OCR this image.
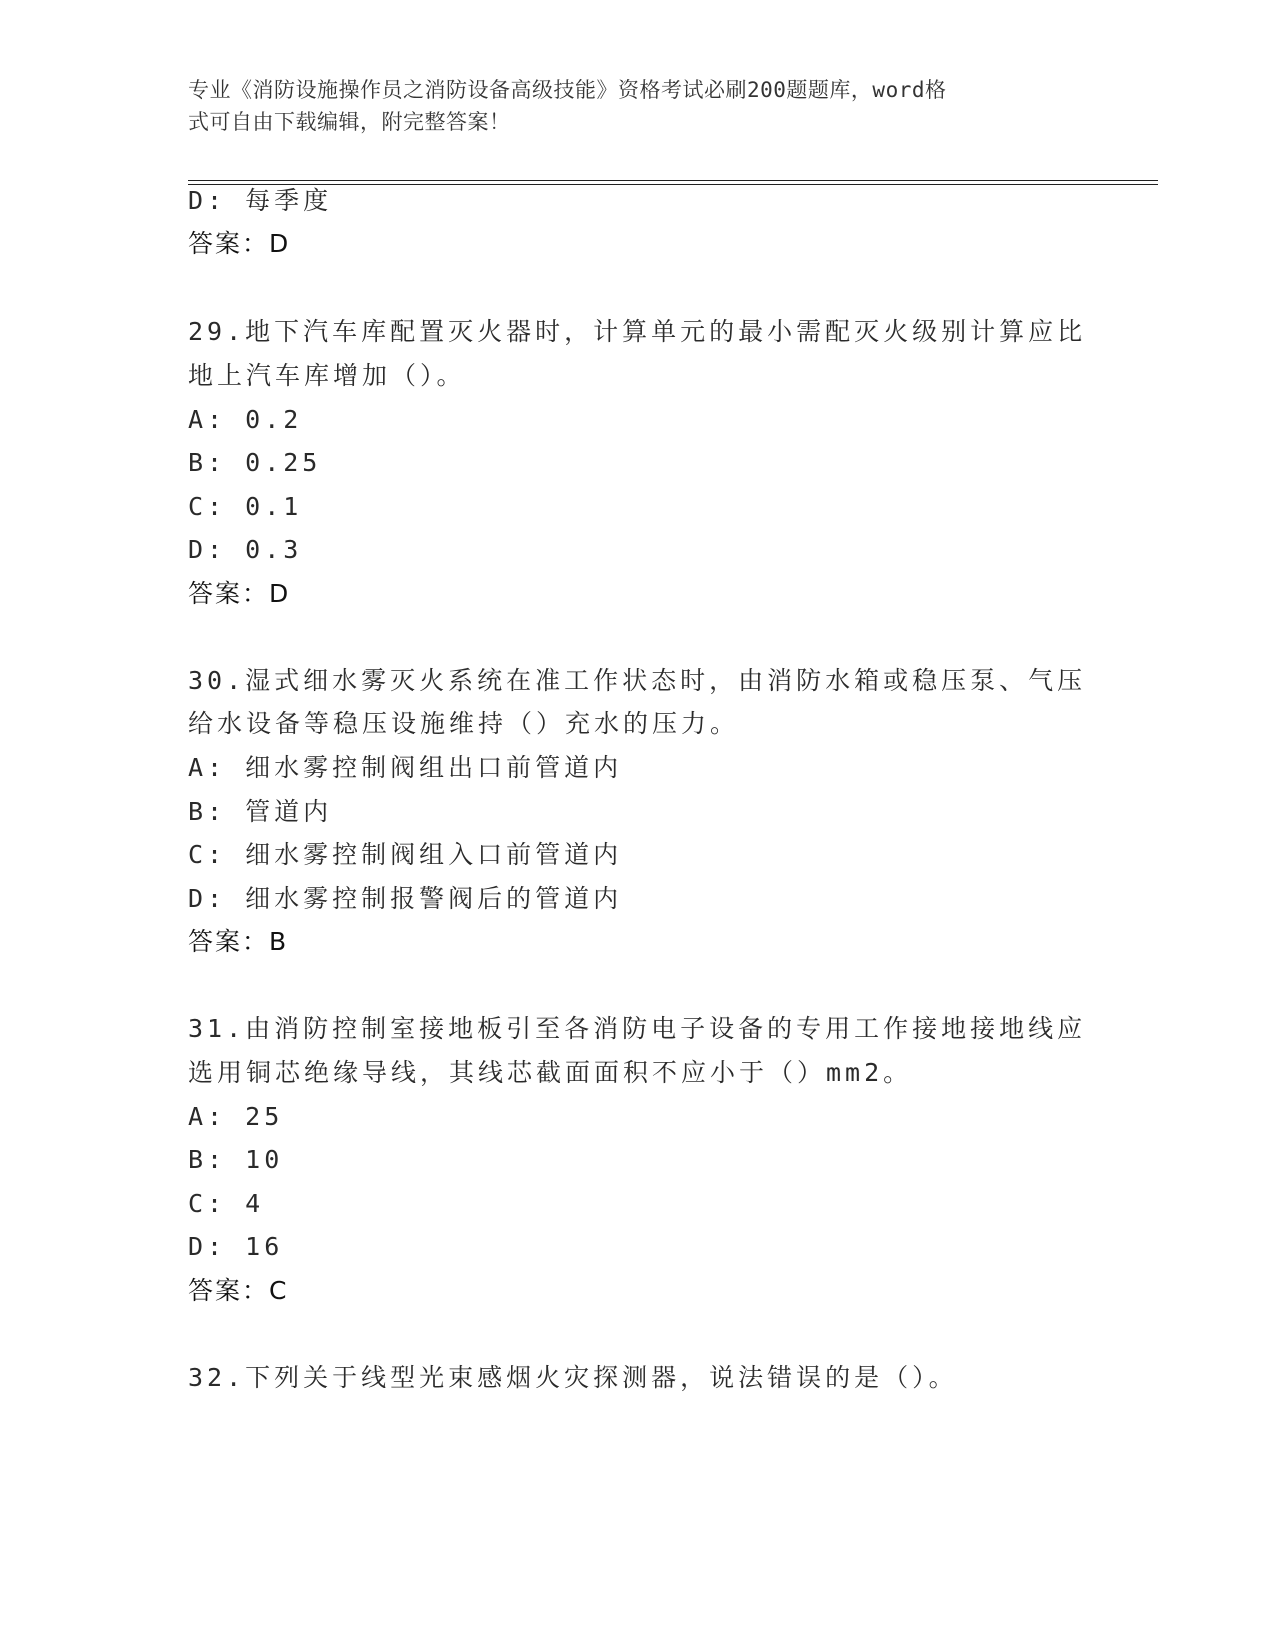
专业《消防设施操作员之消防设备高级技能》资格考试必刷200题题库，word格
式可自由下载编辑，附完整答案！
D: 每季度
答案：D
29.地下汽车库配置灭火器时，计算单元的最小需配灭火级别计算应比
地上汽车库增加（）。
A: 0.2
B: 0.25
C: 0.1
D: 0.3
答案：D
30.湿式细水雾灭火系统在准工作状态时，由消防水箱或稳压泵、气压
给水设备等稳压设施维持（）充水的压力。
A: 细水雾控制阀组出口前管道内
B: 管道内
C: 细水雾控制阀组入口前管道内
D: 细水雾控制报警阀后的管道内
答案：B
31.由消防控制室接地板引至各消防电子设备的专用工作接地接地线应
选用铜芯绝缘导线，其线芯截面面积不应小于（）mm2。
A: 25
B: 10
C: 4
D: 16
答案：C
32.下列关于线型光束感烟火灾探测器，说法错误的是（）。
